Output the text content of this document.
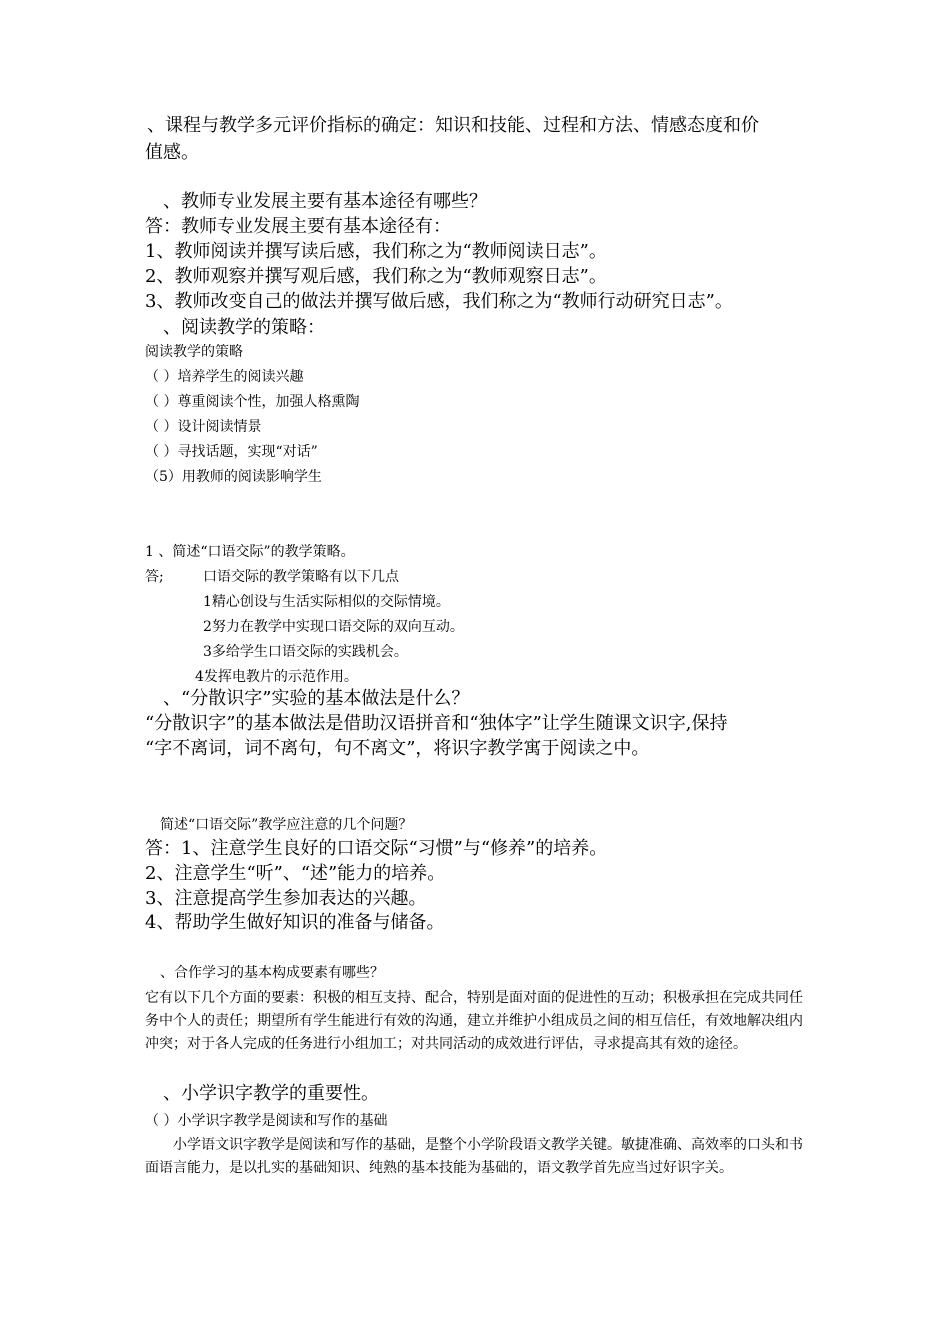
、课程与教学多元评价指标的确定：知识和技能、过程和方法、情感态度和价
值感。
、教师专业发展主要有基本途径有哪些？
答：教师专业发展主要有基本途径有：
1、教师阅读并撰写读后感，我们称之为“教师阅读日志”。
2、教师观察并撰写观后感，我们称之为“教师观察日志”。
3、教师改变自己的做法并撰写做后感，我们称之为“教师行动研究日志”。
、阅读教学的策略：
阅读教学的策略
（ ）培养学生的阅读兴趣
（ ）尊重阅读个性，加强人格熏陶
（ ）设计阅读情景
（ ）寻找话题，实现“对话”
（5）用教师的阅读影响学生
1 、简述“口语交际”的教学策略。
答;	口语交际的教学策略有以下几点
1精心创设与生活实际相似的交际情境。
2努力在教学中实现口语交际的双向互动。
3多给学生口语交际的实践机会。
4发挥电教片的示范作用。
、“分散识字”实验的基本做法是什么？
“分散识字”的基本做法是借助汉语拼音和“独体字”让学生随课文识字,保持
“字不离词，词不离句，句不离文”，将识字教学寓于阅读之中。
简述“口语交际”教学应注意的几个问题？
答：1、注意学生良好的口语交际“习惯”与“修养”的培养。
2、注意学生“听”、“述”能力的培养。
3、注意提高学生参加表达的兴趣。
4、帮助学生做好知识的准备与储备。
、合作学习的基本构成要素有哪些？
它有以下几个方面的要素：积极的相互支持、配合，特别是面对面的促进性的互动；积极承担在完成共同任务中个人的责任；期望所有学生能进行有效的沟通，建立并维护小组成员之间的相互信任，有效地解决组内冲突；对于各人完成的任务进行小组加工；对共同活动的成效进行评估，寻求提高其有效的途径。
、小学识字教学的重要性。
（ ）小学识字教学是阅读和写作的基础
小学语文识字教学是阅读和写作的基础，是整个小学阶段语文教学关键。敏捷准确、高效率的口头和书面语言能力，是以扎实的基础知识、纯熟的基本技能为基础的，语文教学首先应当过好识字关。
